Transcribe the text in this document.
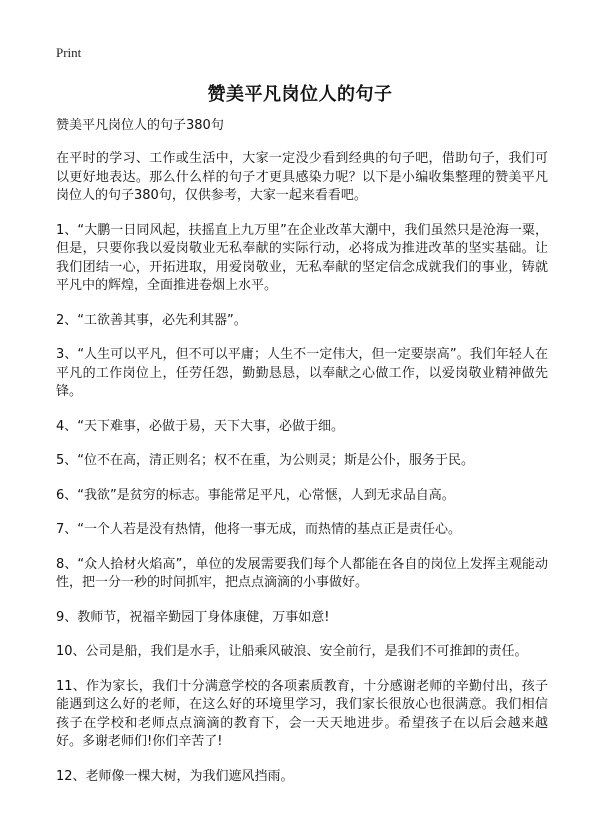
Print
赞美平凡岗位人的句子

赞美平凡岗位人的句子380句

在平时的学习、工作或生活中，大家一定没少看到经典的句子吧，借助句子，我们可以更好地表达。那么什么样的句子才更具感染力呢？以下是小编收集整理的赞美平凡岗位人的句子380句，仅供参考，大家一起来看看吧。

1、“大鹏一日同风起，扶摇直上九万里”在企业改革大潮中，我们虽然只是沧海一粟，但是，只要你我以爱岗敬业无私奉献的实际行动，必将成为推进改革的坚实基础。让我们团结一心，开拓进取，用爱岗敬业，无私奉献的坚定信念成就我们的事业，铸就平凡中的辉煌，全面推进卷烟上水平。

2、“工欲善其事，必先利其器”。

3、“人生可以平凡，但不可以平庸；人生不一定伟大，但一定要崇高”。我们年轻人在平凡的工作岗位上，任劳任怨，勤勤恳恳，以奉献之心做工作，以爱岗敬业精神做先锋。

4、“天下难事，必做于易，天下大事，必做于细。

5、“位不在高，清正则名；权不在重，为公则灵；斯是公仆，服务于民。

6、“我欲”是贫穷的标志。事能常足平凡，心常惬，人到无求品自高。

7、“一个人若是没有热情，他将一事无成，而热情的基点正是责任心。

8、“众人拾材火焰高”，单位的发展需要我们每个人都能在各自的岗位上发挥主观能动性，把一分一秒的时间抓牢，把点点滴滴的小事做好。

9、教师节，祝福辛勤园丁身体康健，万事如意!

10、公司是船，我们是水手，让船乘风破浪、安全前行，是我们不可推卸的责任。

11、作为家长，我们十分满意学校的各项素质教育，十分感谢老师的辛勤付出，孩子能遇到这么好的老师，在这么好的环境里学习，我们家长很放心也很满意。我们相信孩子在学校和老师点点滴滴的教育下，会一天天地进步。希望孩子在以后会越来越好。多谢老师们!你们辛苦了!

12、老师像一棵大树，为我们遮风挡雨。
